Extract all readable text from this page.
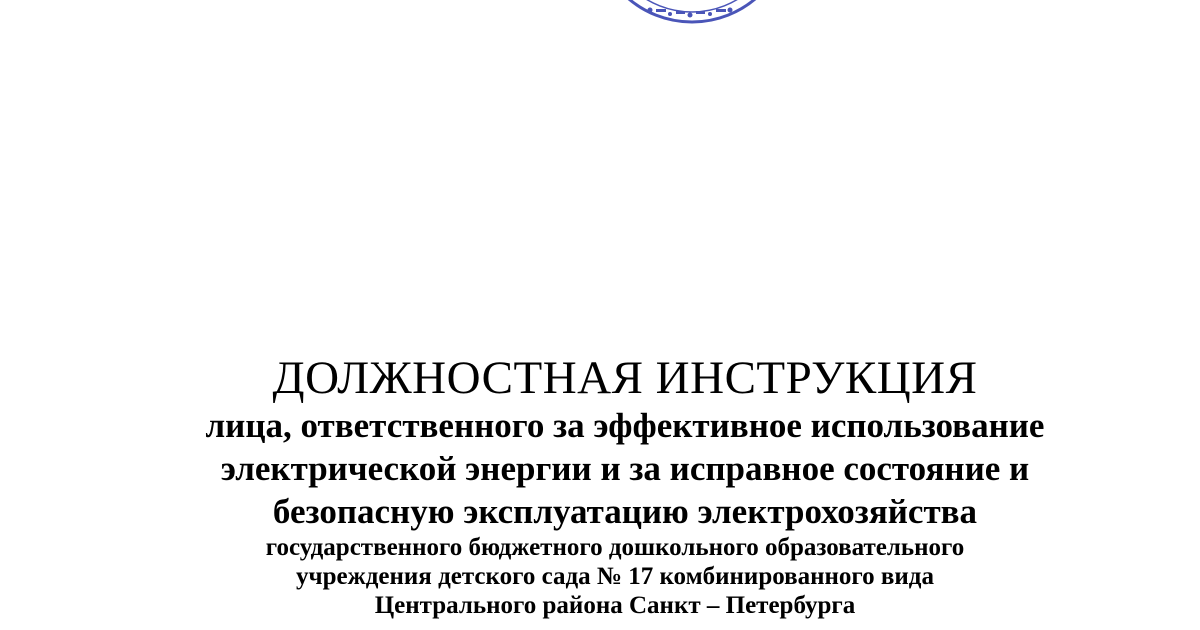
ДОЛЖНОСТНАЯ ИНСТРУКЦИЯ
лица, ответственного за эффективное использование
электрической энергии и за исправное состояние и
безопасную эксплуатацию электрохозяйства
государственного бюджетного дошкольного образовательного
учреждения детского сада № 17 комбинированного вида
Центрального района Санкт – Петербурга
